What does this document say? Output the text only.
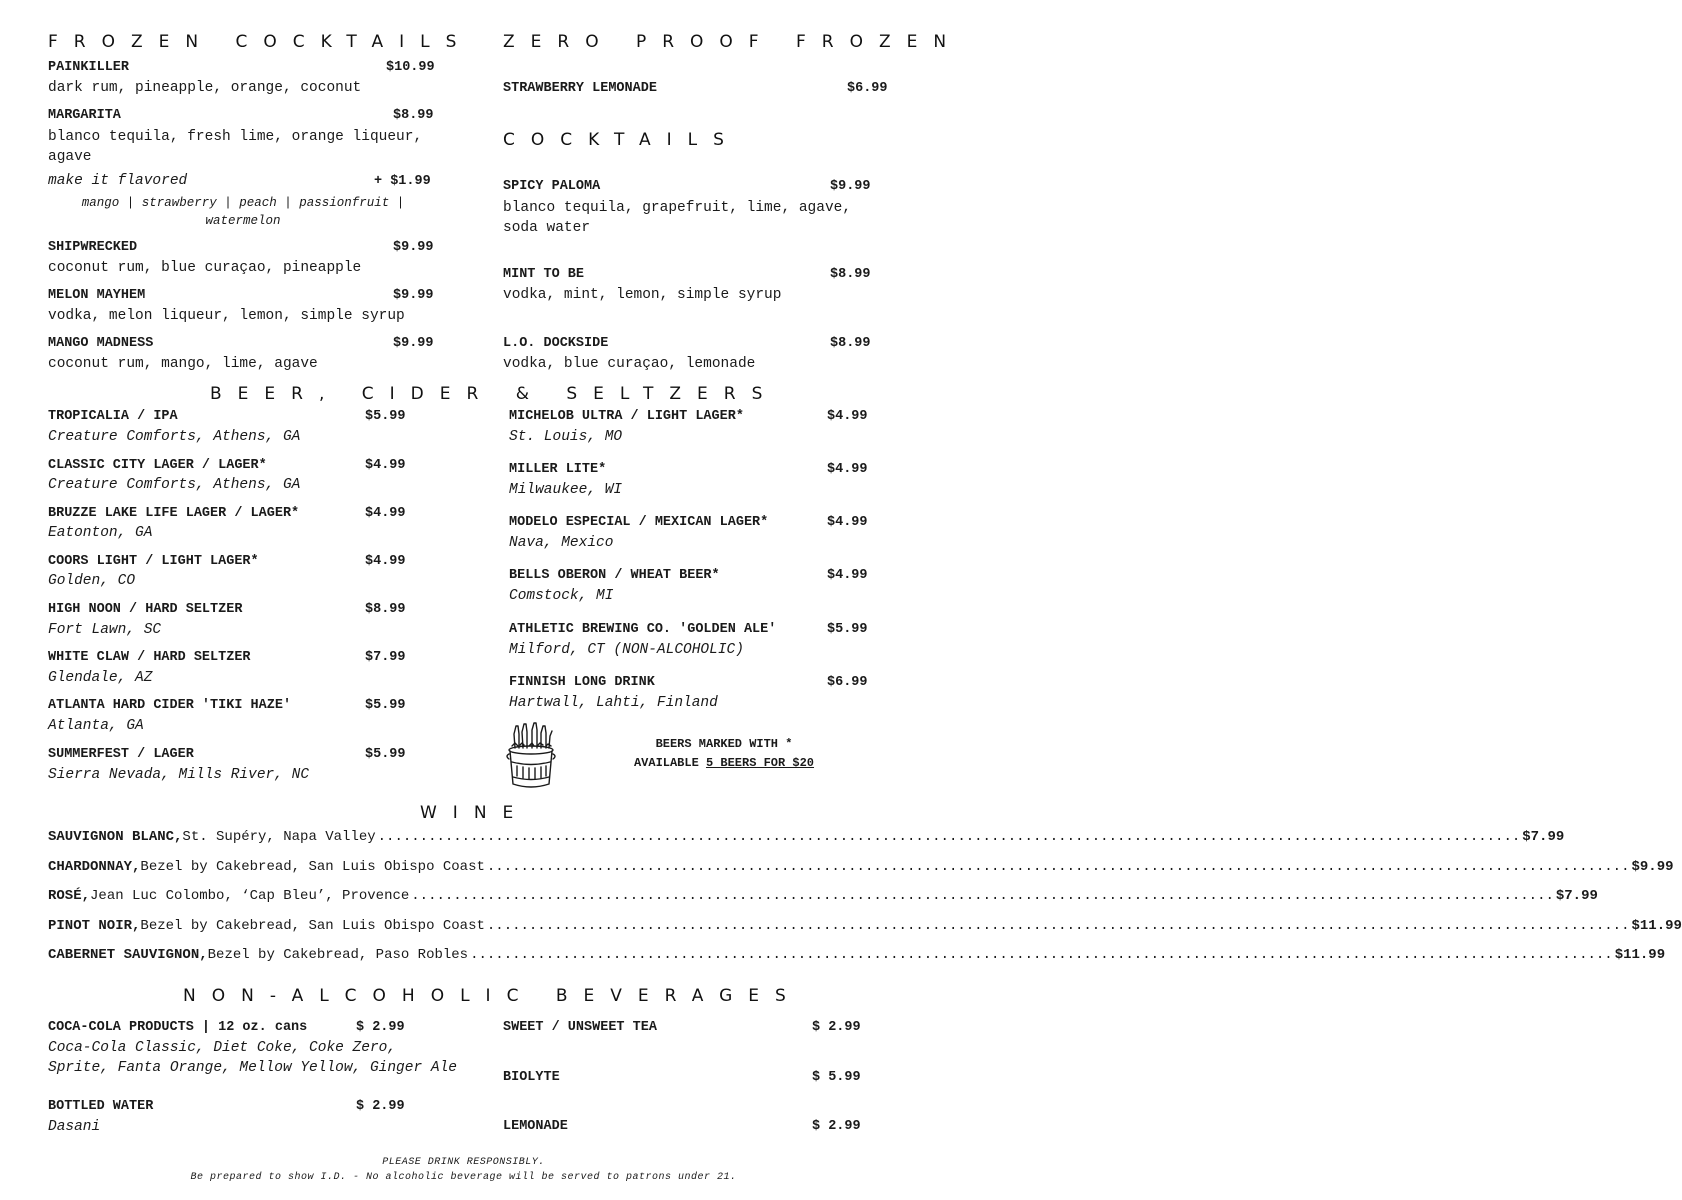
FROZEN COCKTAILS
PAINKILLER	$10.99
dark rum, pineapple, orange, coconut
MARGARITA	$8.99
blanco tequila, fresh lime, orange liqueur, agave
make it flavored	+ $1.99
mango | strawberry | peach | passionfruit | watermelon
SHIPWRECKED	$9.99
coconut rum, blue curaçao, pineapple
MELON MAYHEM	$9.99
vodka, melon liqueur, lemon, simple syrup
MANGO MADNESS	$9.99
coconut rum, mango, lime, agave
ZERO PROOF FROZEN
STRAWBERRY LEMONADE	$6.99
COCKTAILS
SPICY PALOMA	$9.99
blanco tequila, grapefruit, lime, agave, soda water
MINT TO BE	$8.99
vodka, mint, lemon, simple syrup
L.O. DOCKSIDE	$8.99
vodka, blue curaçao, lemonade
BEER, CIDER & SELTZERS
TROPICALIA / IPA	$5.99
Creature Comforts, Athens, GA
CLASSIC CITY LAGER / LAGER*	$4.99
Creature Comforts, Athens, GA
BRUZZE LAKE LIFE LAGER / LAGER*	$4.99
Eatonton, GA
COORS LIGHT / LIGHT LAGER*	$4.99
Golden, CO
HIGH NOON / HARD SELTZER	$8.99
Fort Lawn, SC
WHITE CLAW / HARD SELTZER	$7.99
Glendale, AZ
ATLANTA HARD CIDER 'TIKI HAZE'	$5.99
Atlanta, GA
SUMMERFEST / LAGER	$5.99
Sierra Nevada, Mills River, NC
MICHELOB ULTRA / LIGHT LAGER*	$4.99
St. Louis, MO
MILLER LITE*	$4.99
Milwaukee, WI
MODELO ESPECIAL / MEXICAN LAGER*	$4.99
Nava, Mexico
BELLS OBERON / WHEAT BEER*	$4.99
Comstock, MI
ATHLETIC BREWING CO. 'GOLDEN ALE'	$5.99
Milford, CT (NON-ALCOHOLIC)
FINNISH LONG DRINK	$6.99
Hartwall, Lahti, Finland
BEERS MARKED WITH *
AVAILABLE 5 BEERS FOR $20
WINE
SAUVIGNON BLANC, St. Supéry, Napa Valley ........................................................................................................................................ $7.99
CHARDONNAY, Bezel by Cakebread, San Luis Obispo Coast ........................................................................................................................................ $9.99
ROSÉ, Jean Luc Colombo, ‘Cap Bleu’, Provence ........................................................................................................................................ $7.99
PINOT NOIR, Bezel by Cakebread, San Luis Obispo Coast ........................................................................................................................................ $11.99
CABERNET SAUVIGNON, Bezel by Cakebread, Paso Robles ........................................................................................................................................ $11.99
NON-ALCOHOLIC BEVERAGES
COCA-COLA PRODUCTS | 12 oz. cans	$ 2.99
Coca-Cola Classic, Diet Coke, Coke Zero,
Sprite, Fanta Orange, Mellow Yellow, Ginger Ale
BOTTLED WATER	$ 2.99
Dasani
SWEET / UNSWEET TEA	$ 2.99
BIOLYTE	$ 5.99
LEMONADE	$ 2.99
PLEASE DRINK RESPONSIBLY.
Be prepared to show I.D. - No alcoholic beverage will be served to patrons under 21.
